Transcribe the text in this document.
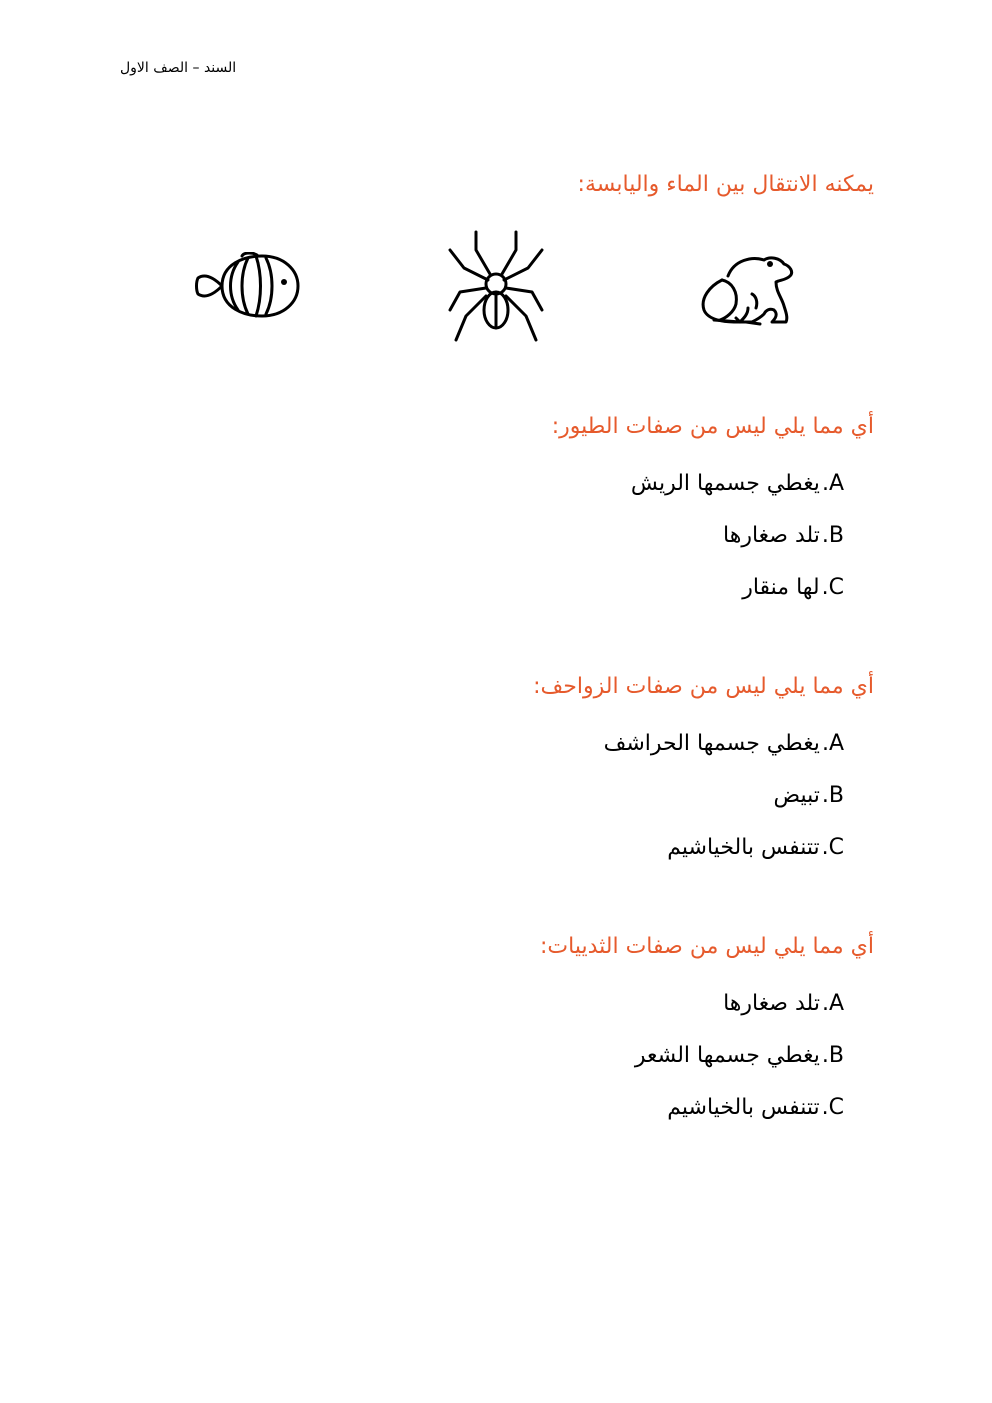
السند – الصف الاول
يمكنه الانتقال بين الماء واليابسة:
أي مما يلي ليس من صفات الطيور:
A.يغطي جسمها الريش
B.تلد صغارها
C.لها منقار
أي مما يلي ليس من صفات الزواحف:
A.يغطي جسمها الحراشف
B.تبيض
C.تتنفس بالخياشيم
أي مما يلي ليس من صفات الثدييات:
A.تلد صغارها
B.يغطي جسمها الشعر
C.تتنفس بالخياشيم
